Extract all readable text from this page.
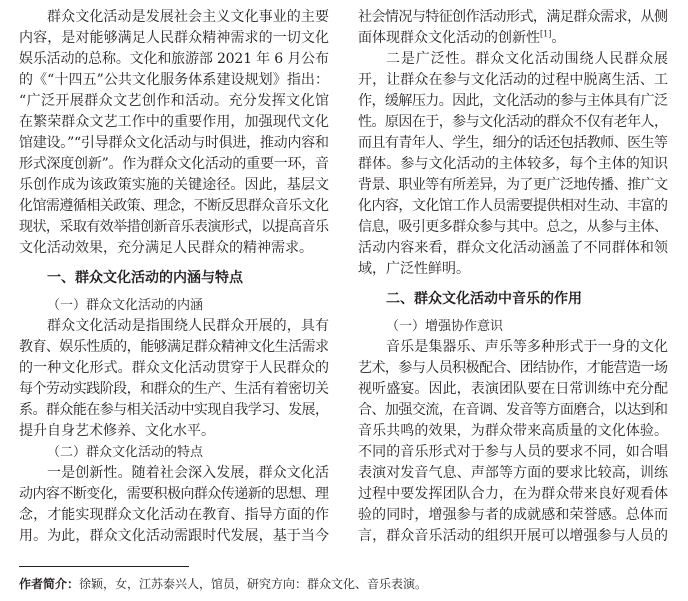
群众文化活动是发展社会主义文化事业的主要
内容，是对能够满足人民群众精神需求的一切文化
娱乐活动的总称。文化和旅游部 2021 年 6 月公布
的《“十四五”公共文化服务体系建设规划》指出：
“广泛开展群众文艺创作和活动。充分发挥文化馆
在繁荣群众文艺工作中的重要作用，加强现代文化
馆建设。”“引导群众文化活动与时俱进，推动内容和
形式深度创新”。作为群众文化活动的重要一环，音
乐创作成为该政策实施的关键途径。因此，基层文
化馆需遵循相关政策、理念，不断反思群众音乐文化
现状，采取有效举措创新音乐表演形式，以提高音乐
文化活动效果，充分满足人民群众的精神需求。
一、群众文化活动的内涵与特点
（一）群众文化活动的内涵
群众文化活动是指围绕人民群众开展的，具有
教育、娱乐性质的，能够满足群众精神文化生活需求
的一种文化形式。群众文化活动贯穿于人民群众的
每个劳动实践阶段，和群众的生产、生活有着密切关
系。群众能在参与相关活动中实现自我学习、发展，
提升自身艺术修养、文化水平。
（二）群众文化活动的特点
一是创新性。随着社会深入发展，群众文化活
动内容不断变化，需要积极向群众传递新的思想、理
念，才能实现群众文化活动在教育、指导方面的作
用。为此，群众文化活动需跟时代发展，基于当今
社会情况与特征创作活动形式，满足群众需求，从侧
面体现群众文化活动的创新性[1]。
二是广泛性。群众文化活动围绕人民群众展
开，让群众在参与文化活动的过程中脱离生活、工
作，缓解压力。因此，文化活动的参与主体具有广泛
性。原因在于，参与文化活动的群众不仅有老年人，
而且有青年人、学生，细分的话还包括教师、医生等
群体。参与文化活动的主体较多，每个主体的知识
背景、职业等有所差异，为了更广泛地传播、推广文
化内容，文化馆工作人员需要提供相对生动、丰富的
信息，吸引更多群众参与其中。总之，从参与主体、
活动内容来看，群众文化活动涵盖了不同群体和领
域，广泛性鲜明。
二、群众文化活动中音乐的作用
（一）增强协作意识
音乐是集器乐、声乐等多种形式于一身的文化
艺术，参与人员积极配合、团结协作，才能营造一场
视听盛宴。因此，表演团队要在日常训练中充分配
合、加强交流，在音调、发音等方面磨合，以达到和
音乐共鸣的效果，为群众带来高质量的文化体验。
不同的音乐形式对于参与人员的要求不同，如合唱
表演对发音气息、声部等方面的要求比较高，训练
过程中要发挥团队合力，在为群众带来良好观看体
验的同时，增强参与者的成就感和荣誉感。总体而
言，群众音乐活动的组织开展可以增强参与人员的
作者简介：徐颖，女，江苏泰兴人，馆员，研究方向：群众文化、音乐表演。
